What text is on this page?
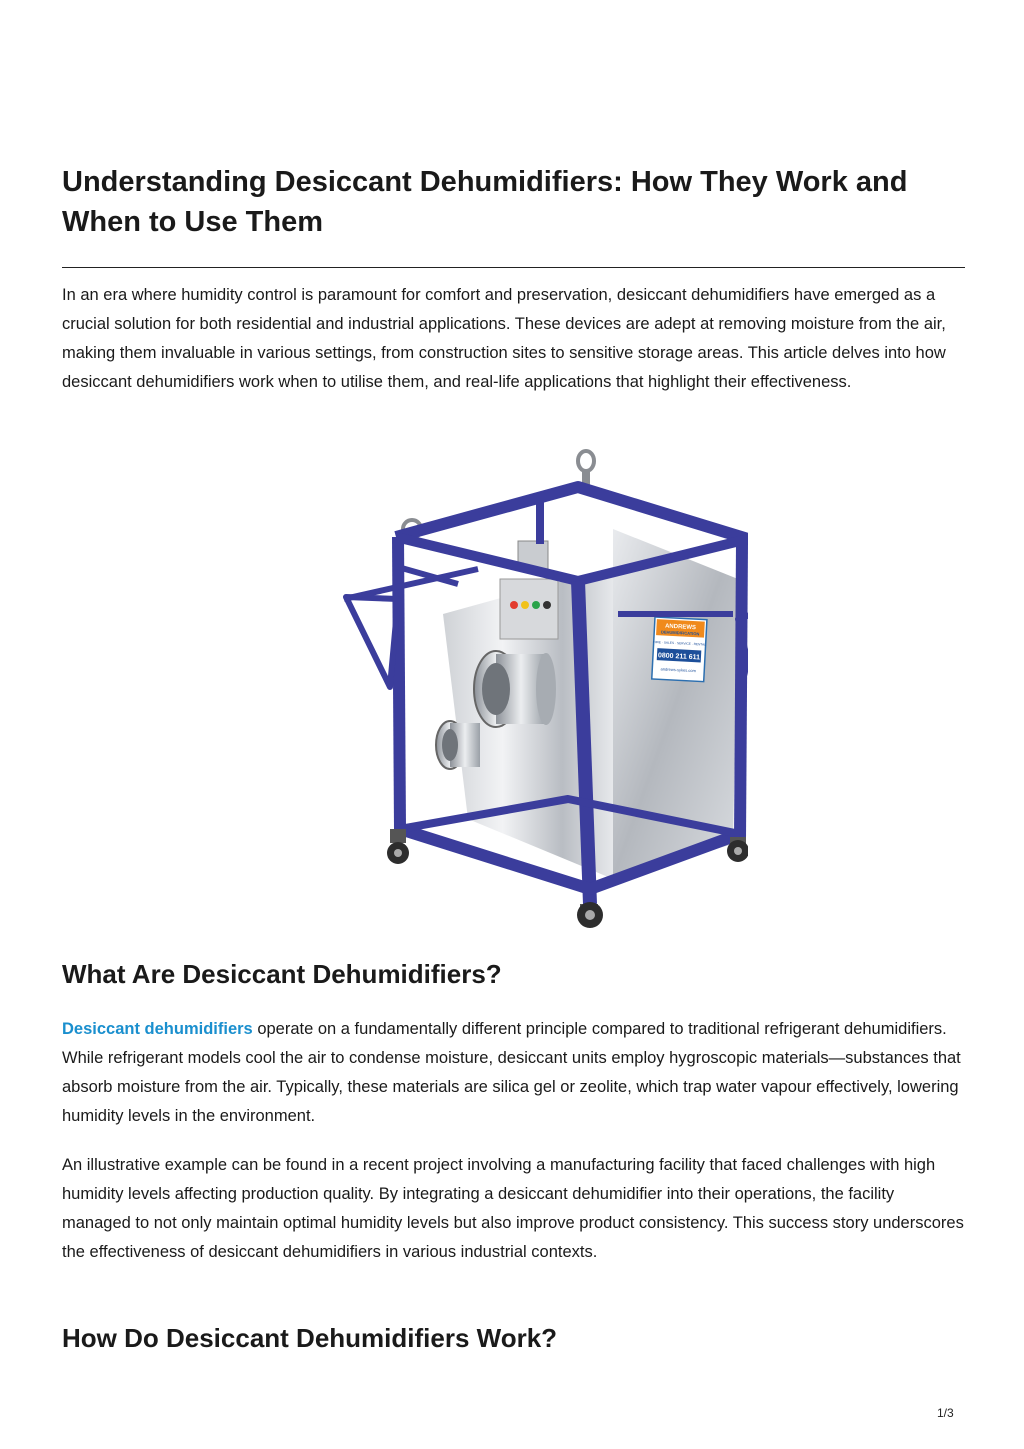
Understanding Desiccant Dehumidifiers: How They Work and When to Use Them

In an era where humidity control is paramount for comfort and preservation, desiccant dehumidifiers have emerged as a crucial solution for both residential and industrial applications. These devices are adept at removing moisture from the air, making them invaluable in various settings, from construction sites to sensitive storage areas. This article delves into how desiccant dehumidifiers work when to utilise them, and real-life applications that highlight their effectiveness.

ANDREWS
DEHUMIDIFICATION
HIRE · SALES · SERVICE · RENTAL
0800 211 611
andrews-sykes.com
What Are Desiccant Dehumidifiers?

Desiccant dehumidifiers operate on a fundamentally different principle compared to traditional refrigerant dehumidifiers. While refrigerant models cool the air to condense moisture, desiccant units employ hygroscopic materials—substances that absorb moisture from the air. Typically, these materials are silica gel or zeolite, which trap water vapour effectively, lowering humidity levels in the environment.

An illustrative example can be found in a recent project involving a manufacturing facility that faced challenges with high humidity levels affecting production quality. By integrating a desiccant dehumidifier into their operations, the facility managed to not only maintain optimal humidity levels but also improve product consistency. This success story underscores the effectiveness of desiccant dehumidifiers in various industrial contexts.

How Do Desiccant Dehumidifiers Work?
1/3
